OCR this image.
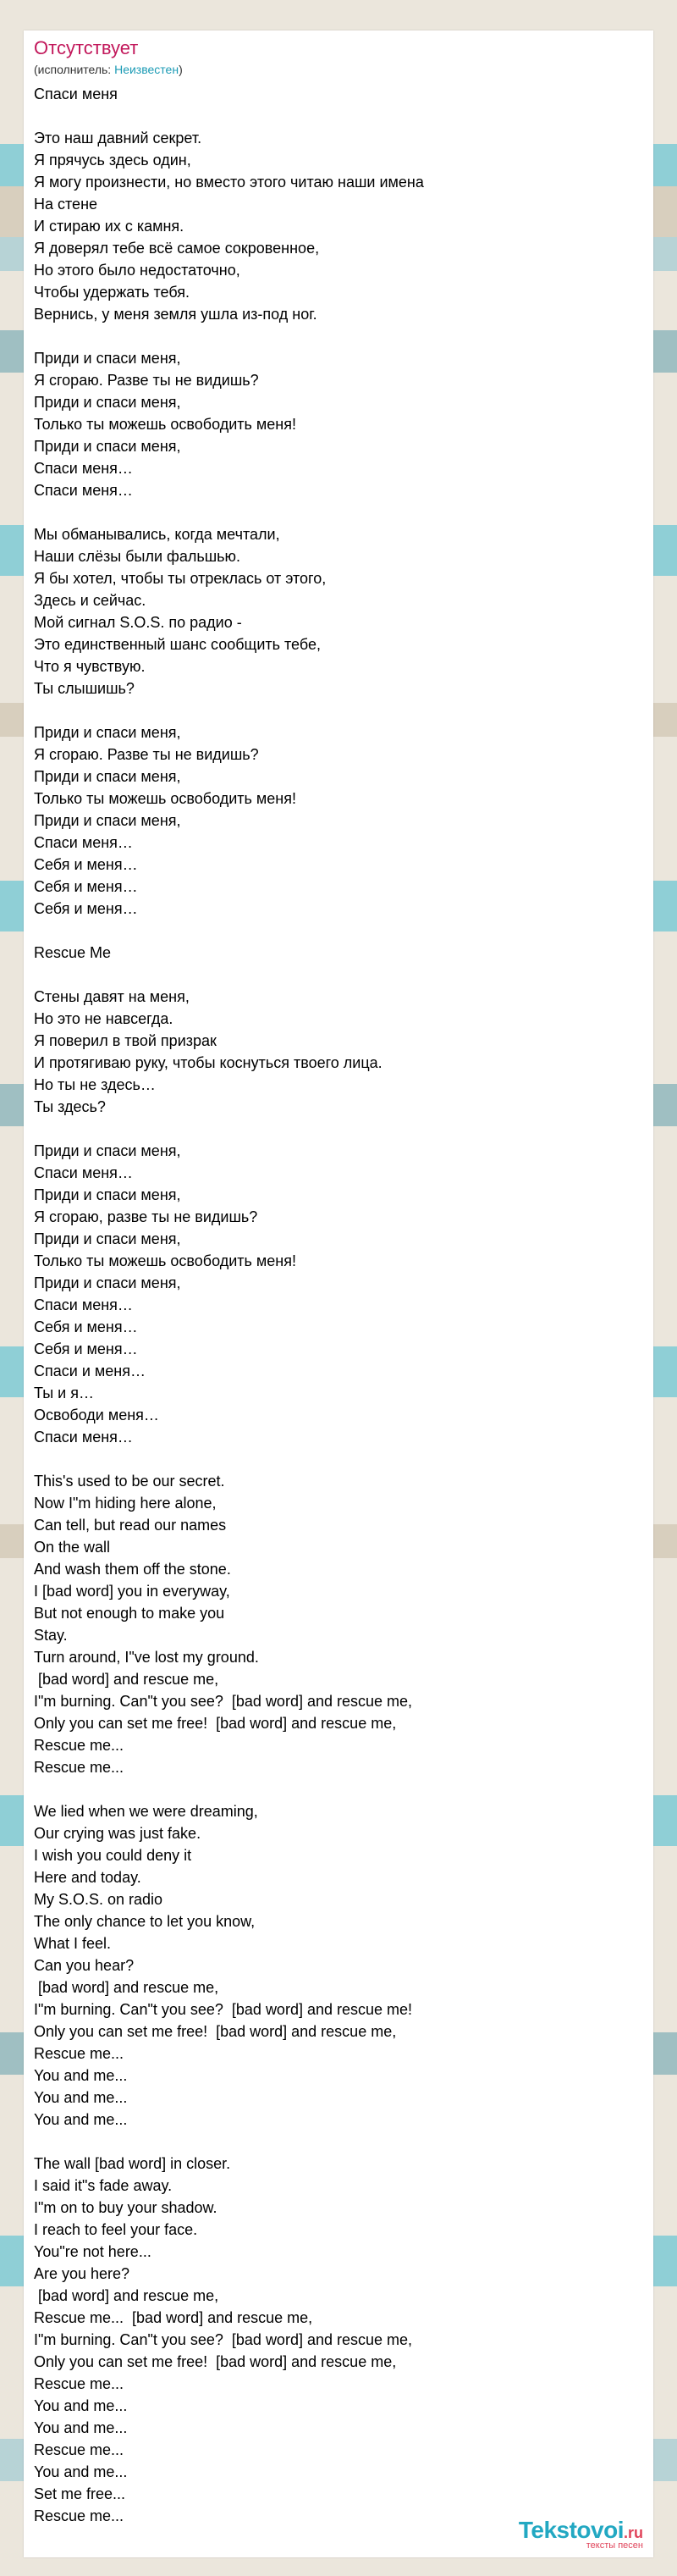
Отсутствует
(исполнитель: Неизвестен)
Спаси меня
Это наш давний секрет.
Я прячусь здесь один,
Я могу произнести, но вместо этого читаю наши имена
На стене
И стираю их с камня.
Я доверял тебе всё самое сокровенное,
Но этого было недостаточно,
Чтобы удержать тебя.
Вернись, у меня земля ушла из-под ног.
Приди и спаси меня,
Я сгораю. Разве ты не видишь?
Приди и спаси меня,
Только ты можешь освободить меня!
Приди и спаси меня,
Спаси меня…
Спаси меня…
Мы обманывались, когда мечтали,
Наши слёзы были фальшью.
Я бы хотел, чтобы ты отреклась от этого,
Здесь и сейчас.
Мой сигнал S.O.S. по радио -
Это единственный шанс сообщить тебе,
Что я чувствую.
Ты слышишь?
Приди и спаси меня,
Я сгораю. Разве ты не видишь?
Приди и спаси меня,
Только ты можешь освободить меня!
Приди и спаси меня,
Спаси меня…
Себя и меня…
Себя и меня…
Себя и меня…
Rescue Me
Стены давят на меня,
Но это не навсегда.
Я поверил в твой призрак
И протягиваю руку, чтобы коснуться твоего лица.
Но ты не здесь…
Ты здесь?
Приди и спаси меня,
Спаси меня…
Приди и спаси меня,
Я сгораю, разве ты не видишь?
Приди и спаси меня,
Только ты можешь освободить меня!
Приди и спаси меня,
Спаси меня…
Себя и меня…
Себя и меня…
Спаси и меня…
Ты и я…
Освободи меня…
Спаси меня…
This's used to be our secret.
Now I"m hiding here alone,
Can tell, but read our names
On the wall
And wash them off the stone.
I [bad word] you in everyway,
But not enough to make you
Stay.
Turn around, I"ve lost my ground.
[bad word] and rescue me,
I"m burning. Can"t you see?  [bad word] and rescue me,
Only you can set me free!  [bad word] and rescue me,
Rescue me...
Rescue me...
We lied when we were dreaming,
Our crying was just fake.
I wish you could deny it
Here and today.
My S.O.S. on radio
The only chance to let you know,
What I feel.
Can you hear?
[bad word] and rescue me,
I"m burning. Can"t you see?  [bad word] and rescue me!
Only you can set me free!  [bad word] and rescue me,
Rescue me...
You and me...
You and me...
You and me...
The wall [bad word] in closer.
I said it"s fade away.
I"m on to buy your shadow.
I reach to feel your face.
You"re not here...
Are you here?
[bad word] and rescue me,
Rescue me...  [bad word] and rescue me,
I"m burning. Can"t you see?  [bad word] and rescue me,
Only you can set me free!  [bad word] and rescue me,
Rescue me...
You and me...
You and me...
Rescue me...
You and me...
Set me free...
Rescue me...
Tekstovoi.ru
тексты песен
